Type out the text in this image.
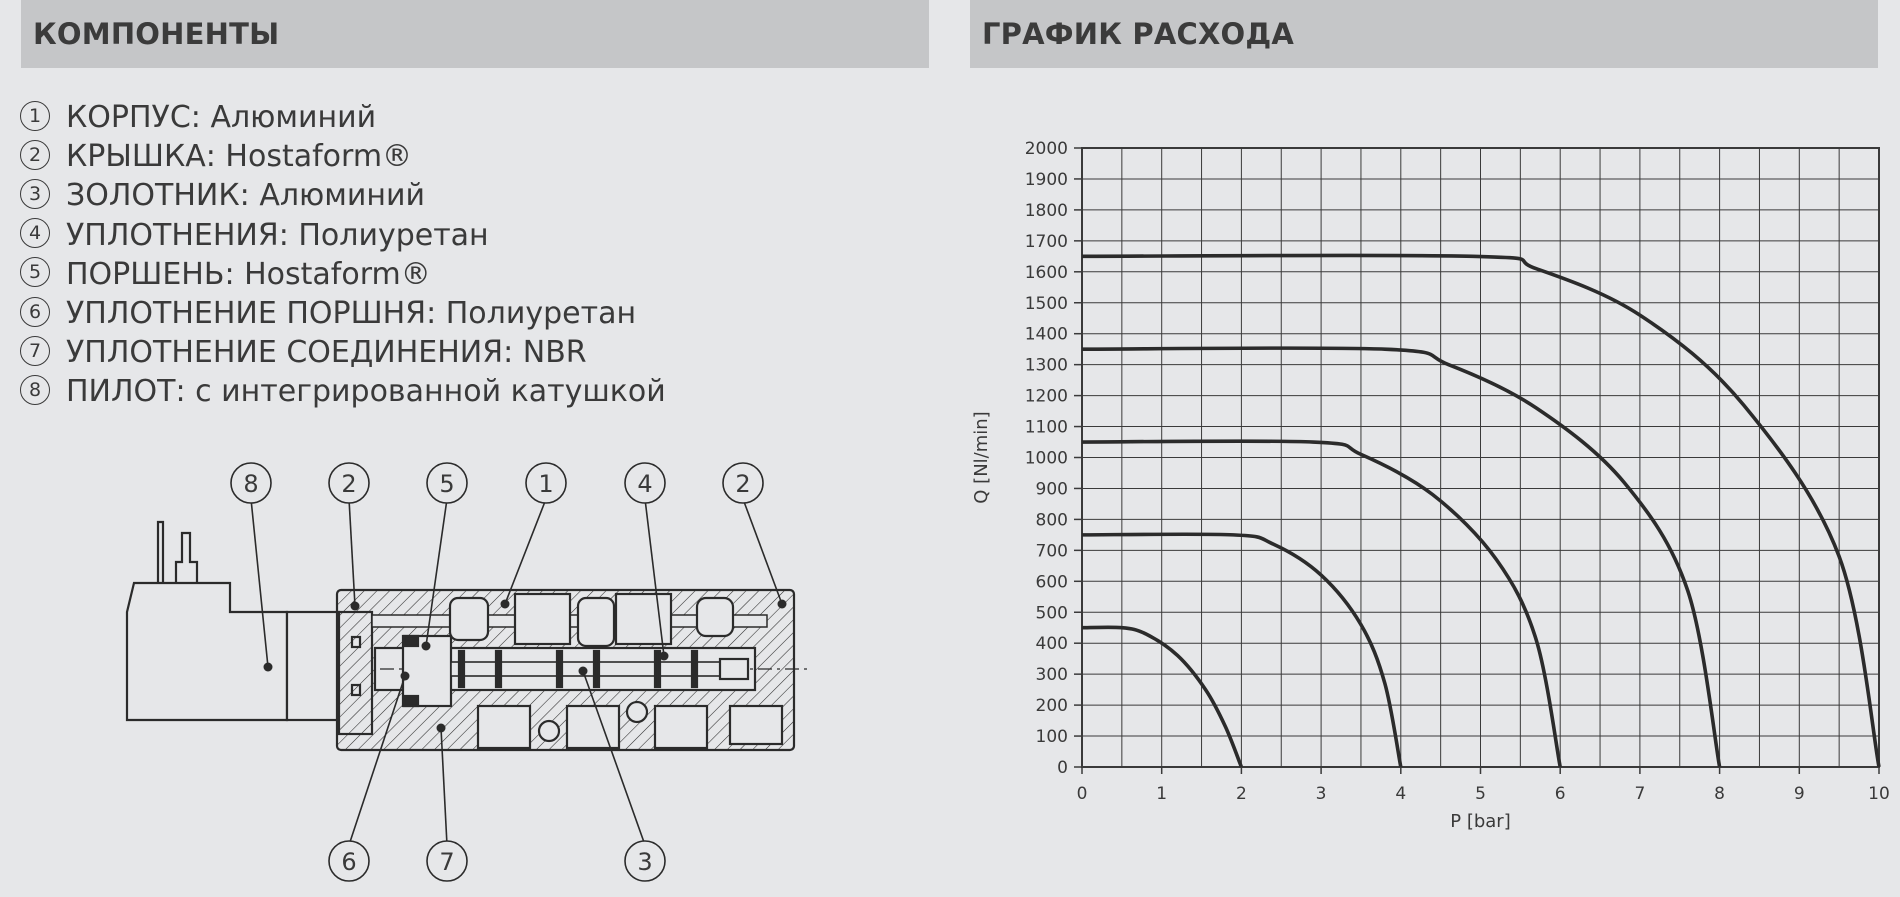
КОМПОНЕНТЫ	ГРАФИК РАСХОДА
1 КОРПУС: Алюминий
2 КРЫШКА: Hostaform®
3 ЗОЛОТНИК: Алюминий
4 УПЛОТНЕНИЯ: Полиуретан
5 ПОРШЕНЬ: Hostaform®
6 УПЛОТНЕНИЕ ПОРШНЯ: Полиуретан
7 УПЛОТНЕНИЕ СОЕДИНЕНИЯ: NBR
8 ПИЛОТ: с интегрированной катушкой
8	2	5	1	4	2
6	7	3
0
100
200
300
400
500
600
700
800
900
1000
1100
1200
1300
1400
1500
1600
1700
1800
1900
2000
0	1	2	3	4	5	6	7	8	9	10
P [bar]
Q [Nl/min]
